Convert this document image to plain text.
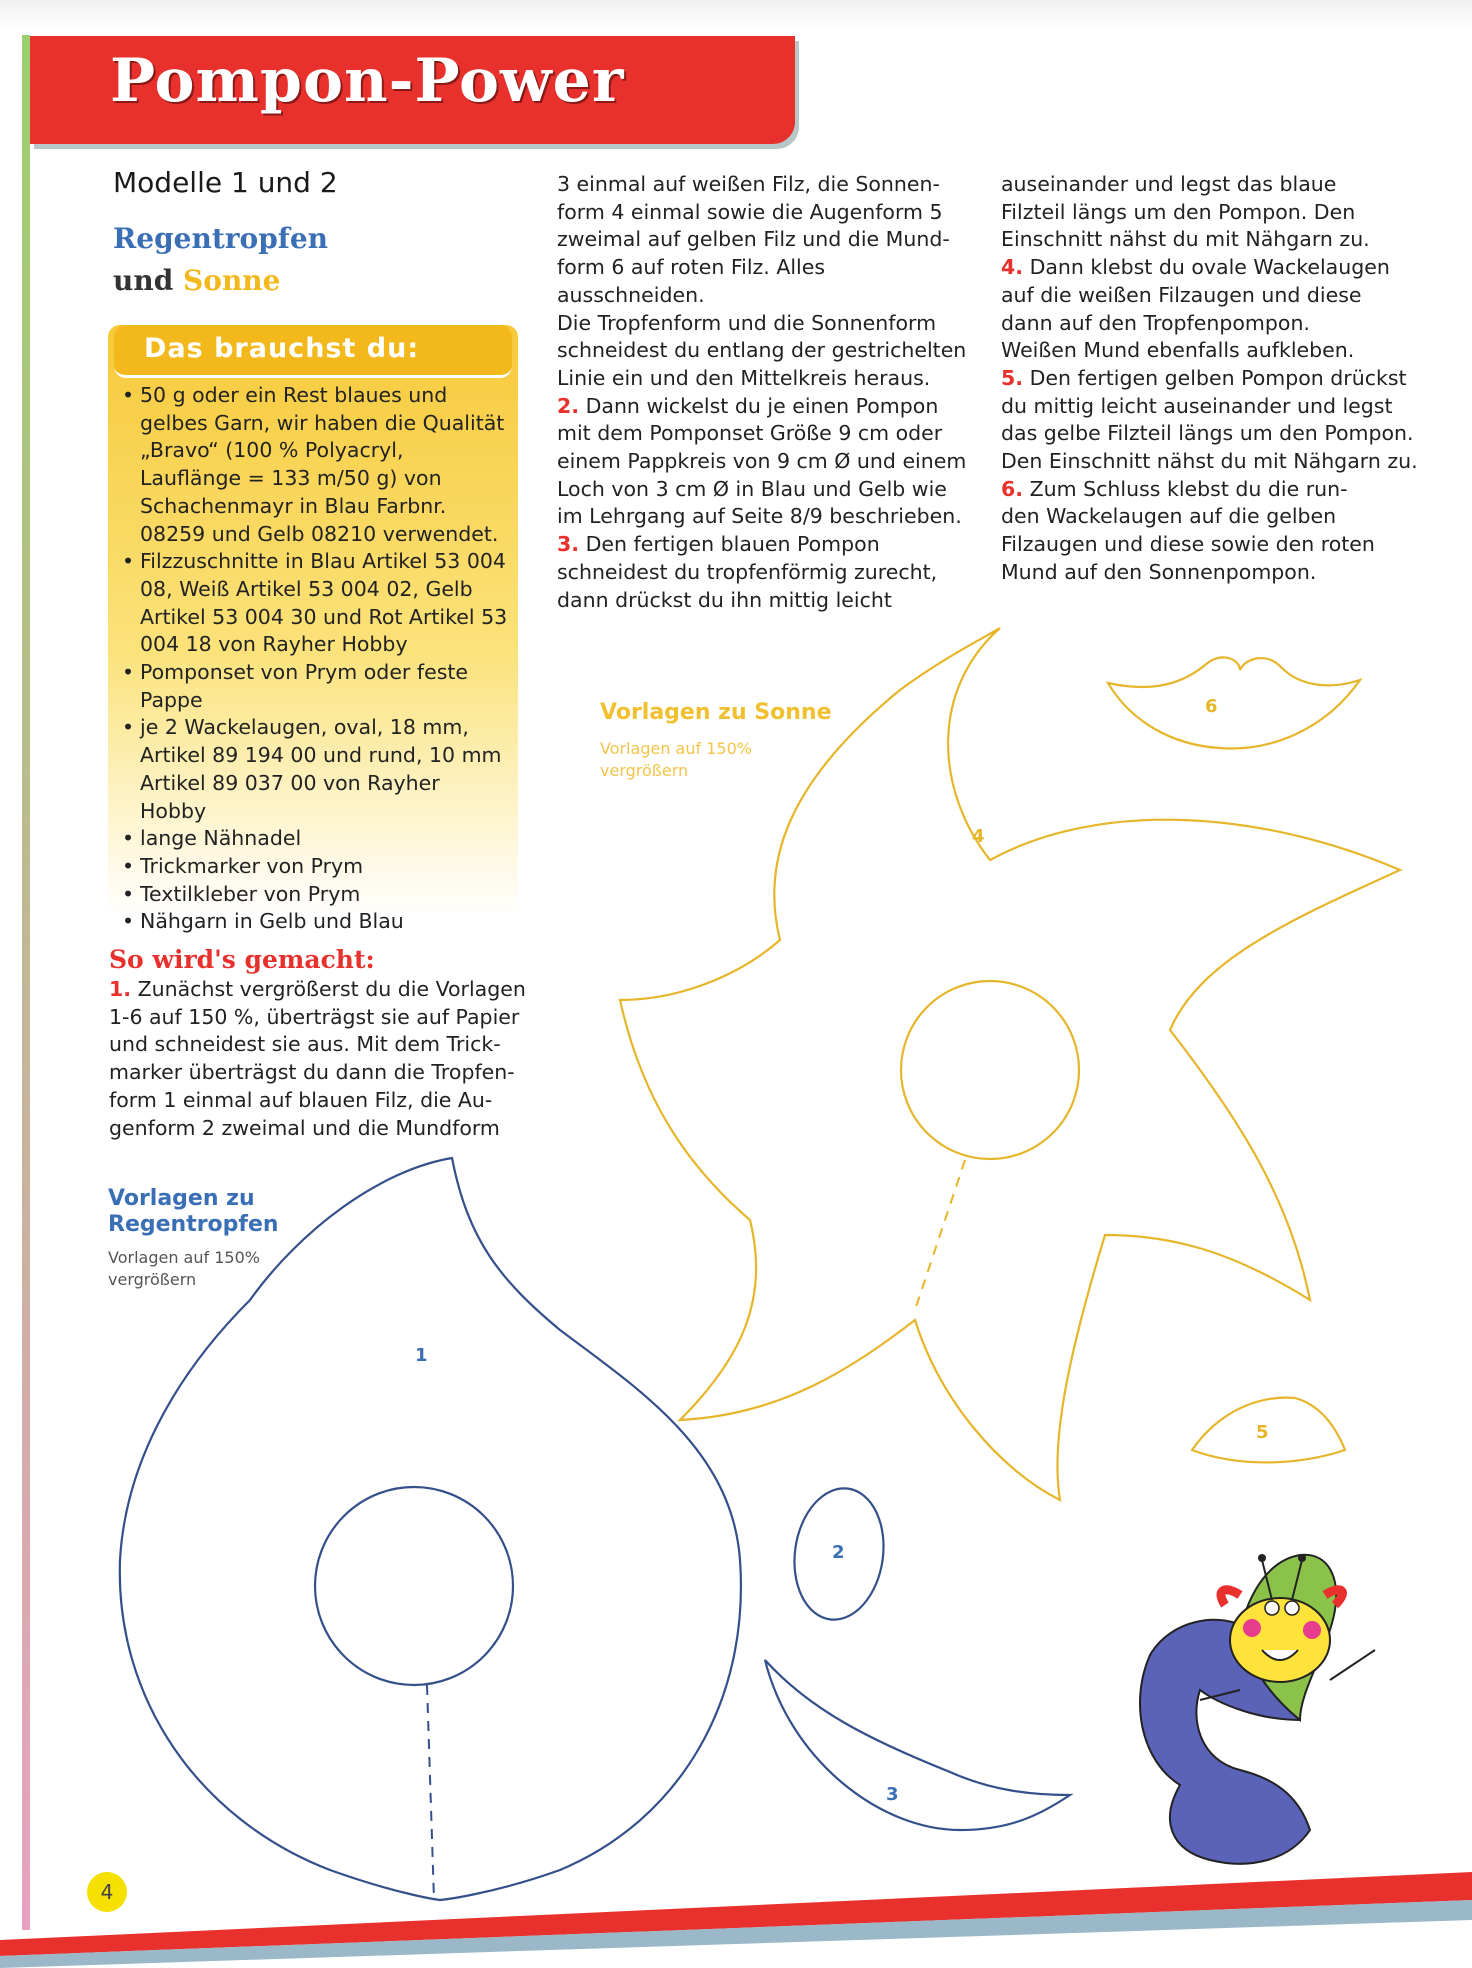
Pompon-Power
Modelle 1 und 2
Regentropfen
und Sonne
Das brauchst du:
• 50 g oder ein Rest blaues und gelbes Garn, wir haben die Qualität „Bravo“ (100 % Polyacryl, Lauflänge = 133 m/50 g) von Schachenmayr in Blau Farbnr. 08259 und Gelb 08210 verwendet.
• Filzzuschnitte in Blau Artikel 53 004 08, Weiß Artikel 53 004 02, Gelb Artikel 53 004 30 und Rot Artikel 53 004 18 von Rayher Hobby
• Pomponset von Prym oder feste Pappe
• je 2 Wackelaugen, oval, 18 mm, Artikel 89 194 00 und rund, 10 mm Artikel 89 037 00 von Rayher Hobby
• lange Nähnadel
• Trickmarker von Prym
• Textilkleber von Prym
• Nähgarn in Gelb und Blau
So wird's gemacht:

1. Zunächst vergrößerst du die Vorlagen

1-6 auf 150 %, überträgst sie auf Papier

und schneidest sie aus. Mit dem Trick-

marker überträgst du dann die Tropfen-

form 1 einmal auf blauen Filz, die Au-

genform 2 zweimal und die Mundform

3 einmal auf weißen Filz, die Sonnen-

form 4 einmal sowie die Augenform 5

zweimal auf gelben Filz und die Mund-

form 6 auf roten Filz. Alles ausschneiden.

Die Tropfenform und die Sonnenform

schneidest du entlang der gestrichelten

Linie ein und den Mittelkreis heraus.

2. Dann wickelst du je einen Pompon

mit dem Pomponset Größe 9 cm oder

einem Pappkreis von 9 cm Ø und einem

Loch von 3 cm Ø in Blau und Gelb wie

im Lehrgang auf Seite 8/9 beschrieben.

3. Den fertigen blauen Pompon

schneidest du tropfenförmig zurecht,

dann drückst du ihn mittig leicht

auseinander und legst das blaue

Filzteil längs um den Pompon. Den

Einschnitt nähst du mit Nähgarn zu.

4. Dann klebst du ovale Wackelaugen

auf die weißen Filzaugen und diese

dann auf den Tropfenpompon.

Weißen Mund ebenfalls aufkleben.

5. Den fertigen gelben Pompon drückst

du mittig leicht auseinander und legst

das gelbe Filzteil längs um den Pompon.

Den Einschnitt nähst du mit Nähgarn zu.

6. Zum Schluss klebst du die run-

den Wackelaugen auf die gelben

Filzaugen und diese sowie den roten

Mund auf den Sonnenpompon.

Vorlagen zu Sonne
Vorlagen auf 150%
vergrößern
Vorlagen zu
Regentropfen
Vorlagen auf 150%
vergrößern
1
2
3
4
5
6
4
